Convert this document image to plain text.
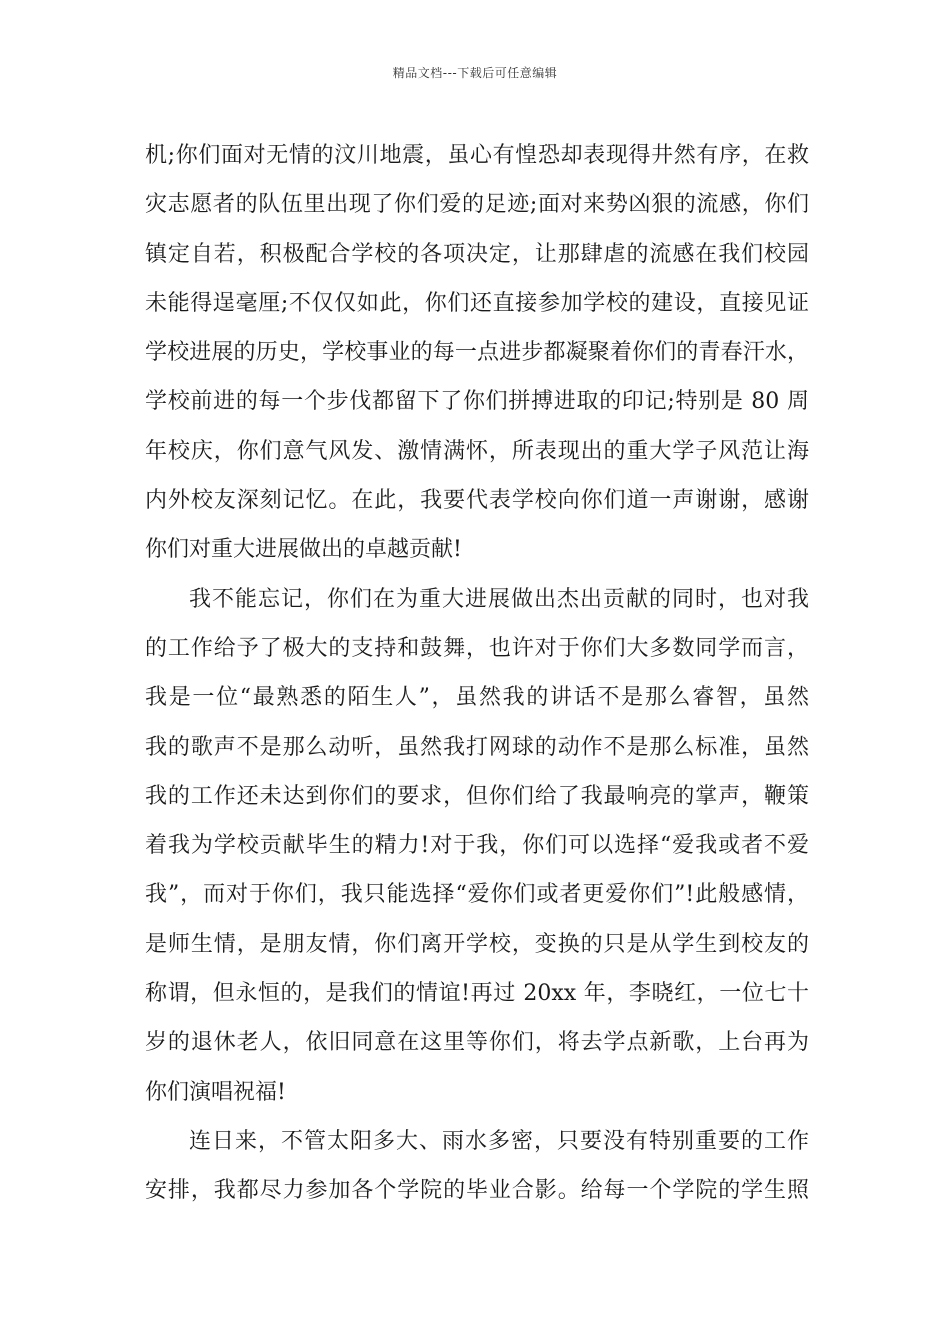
精品文档---下载后可任意编辑
机;你们面对无情的汶川地震，虽心有惶恐却表现得井然有序，在救
灾志愿者的队伍里出现了你们爱的足迹;面对来势凶狠的流感，你们
镇定自若，积极配合学校的各项决定，让那肆虐的流感在我们校园
未能得逞毫厘;不仅仅如此，你们还直接参加学校的建设，直接见证
学校进展的历史，学校事业的每一点进步都凝聚着你们的青春汗水，
学校前进的每一个步伐都留下了你们拼搏进取的印记;特别是 80 周
年校庆，你们意气风发、激情满怀，所表现出的重大学子风范让海
内外校友深刻记忆。在此，我要代表学校向你们道一声谢谢，感谢
你们对重大进展做出的卓越贡献!
我不能忘记，你们在为重大进展做出杰出贡献的同时，也对我
的工作给予了极大的支持和鼓舞，也许对于你们大多数同学而言，
我是一位“最熟悉的陌生人”，虽然我的讲话不是那么睿智，虽然
我的歌声不是那么动听，虽然我打网球的动作不是那么标准，虽然
我的工作还未达到你们的要求，但你们给了我最响亮的掌声，鞭策
着我为学校贡献毕生的精力!对于我，你们可以选择“爱我或者不爱
我”，而对于你们，我只能选择“爱你们或者更爱你们”!此般感情，
是师生情，是朋友情，你们离开学校，变换的只是从学生到校友的
称谓，但永恒的，是我们的情谊!再过 20xx 年，李晓红，一位七十
岁的退休老人，依旧同意在这里等你们，将去学点新歌，上台再为
你们演唱祝福!
连日来，不管太阳多大、雨水多密，只要没有特别重要的工作
安排，我都尽力参加各个学院的毕业合影。给每一个学院的学生照
